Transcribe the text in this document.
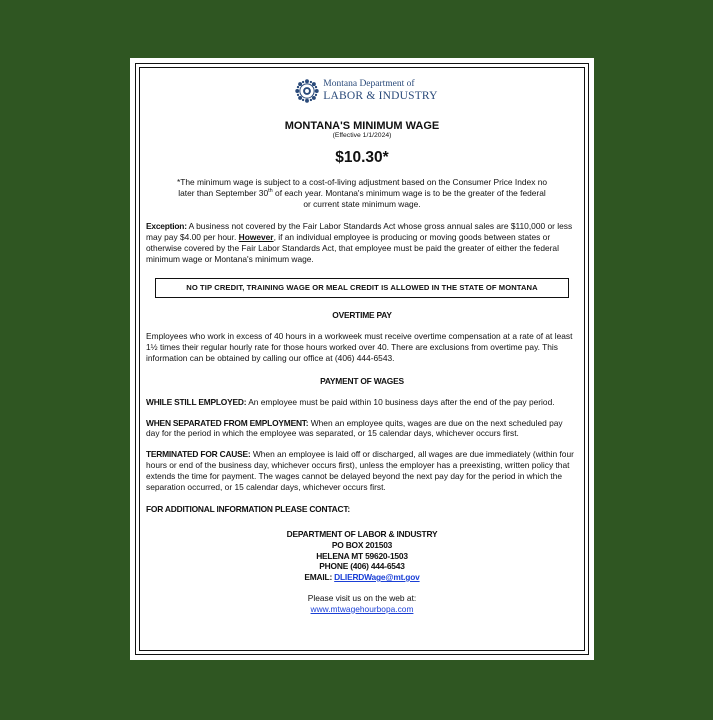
Montana Department of
LABOR & INDUSTRY
MONTANA'S MINIMUM WAGE
(Effective 1/1/2024)
$10.30*
*The minimum wage is subject to a cost-of-living adjustment based on the Consumer Price Index no later than September 30th of each year. Montana's minimum wage is to be the greater of the federal or current state minimum wage.
Exception: A business not covered by the Fair Labor Standards Act whose gross annual sales are $110,000 or less may pay $4.00 per hour. However, if an individual employee is producing or moving goods between states or otherwise covered by the Fair Labor Standards Act, that employee must be paid the greater of either the federal minimum wage or Montana's minimum wage.
NO TIP CREDIT, TRAINING WAGE OR MEAL CREDIT IS ALLOWED IN THE STATE OF MONTANA
OVERTIME PAY
Employees who work in excess of 40 hours in a workweek must receive overtime compensation at a rate of at least 1½ times their regular hourly rate for those hours worked over 40. There are exclusions from overtime pay. This information can be obtained by calling our office at (406) 444-6543.
PAYMENT OF WAGES
WHILE STILL EMPLOYED: An employee must be paid within 10 business days after the end of the pay period.
WHEN SEPARATED FROM EMPLOYMENT: When an employee quits, wages are due on the next scheduled pay day for the period in which the employee was separated, or 15 calendar days, whichever occurs first.
TERMINATED FOR CAUSE: When an employee is laid off or discharged, all wages are due immediately (within four hours or end of the business day, whichever occurs first), unless the employer has a preexisting, written policy that extends the time for payment. The wages cannot be delayed beyond the next pay day for the period in which the separation occurred, or 15 calendar days, whichever occurs first.
FOR ADDITIONAL INFORMATION PLEASE CONTACT:
DEPARTMENT OF LABOR & INDUSTRY
PO BOX 201503
HELENA MT 59620-1503
PHONE (406) 444-6543
EMAIL: DLIERDWage@mt.gov
Please visit us on the web at:
www.mtwagehourbopa.com
